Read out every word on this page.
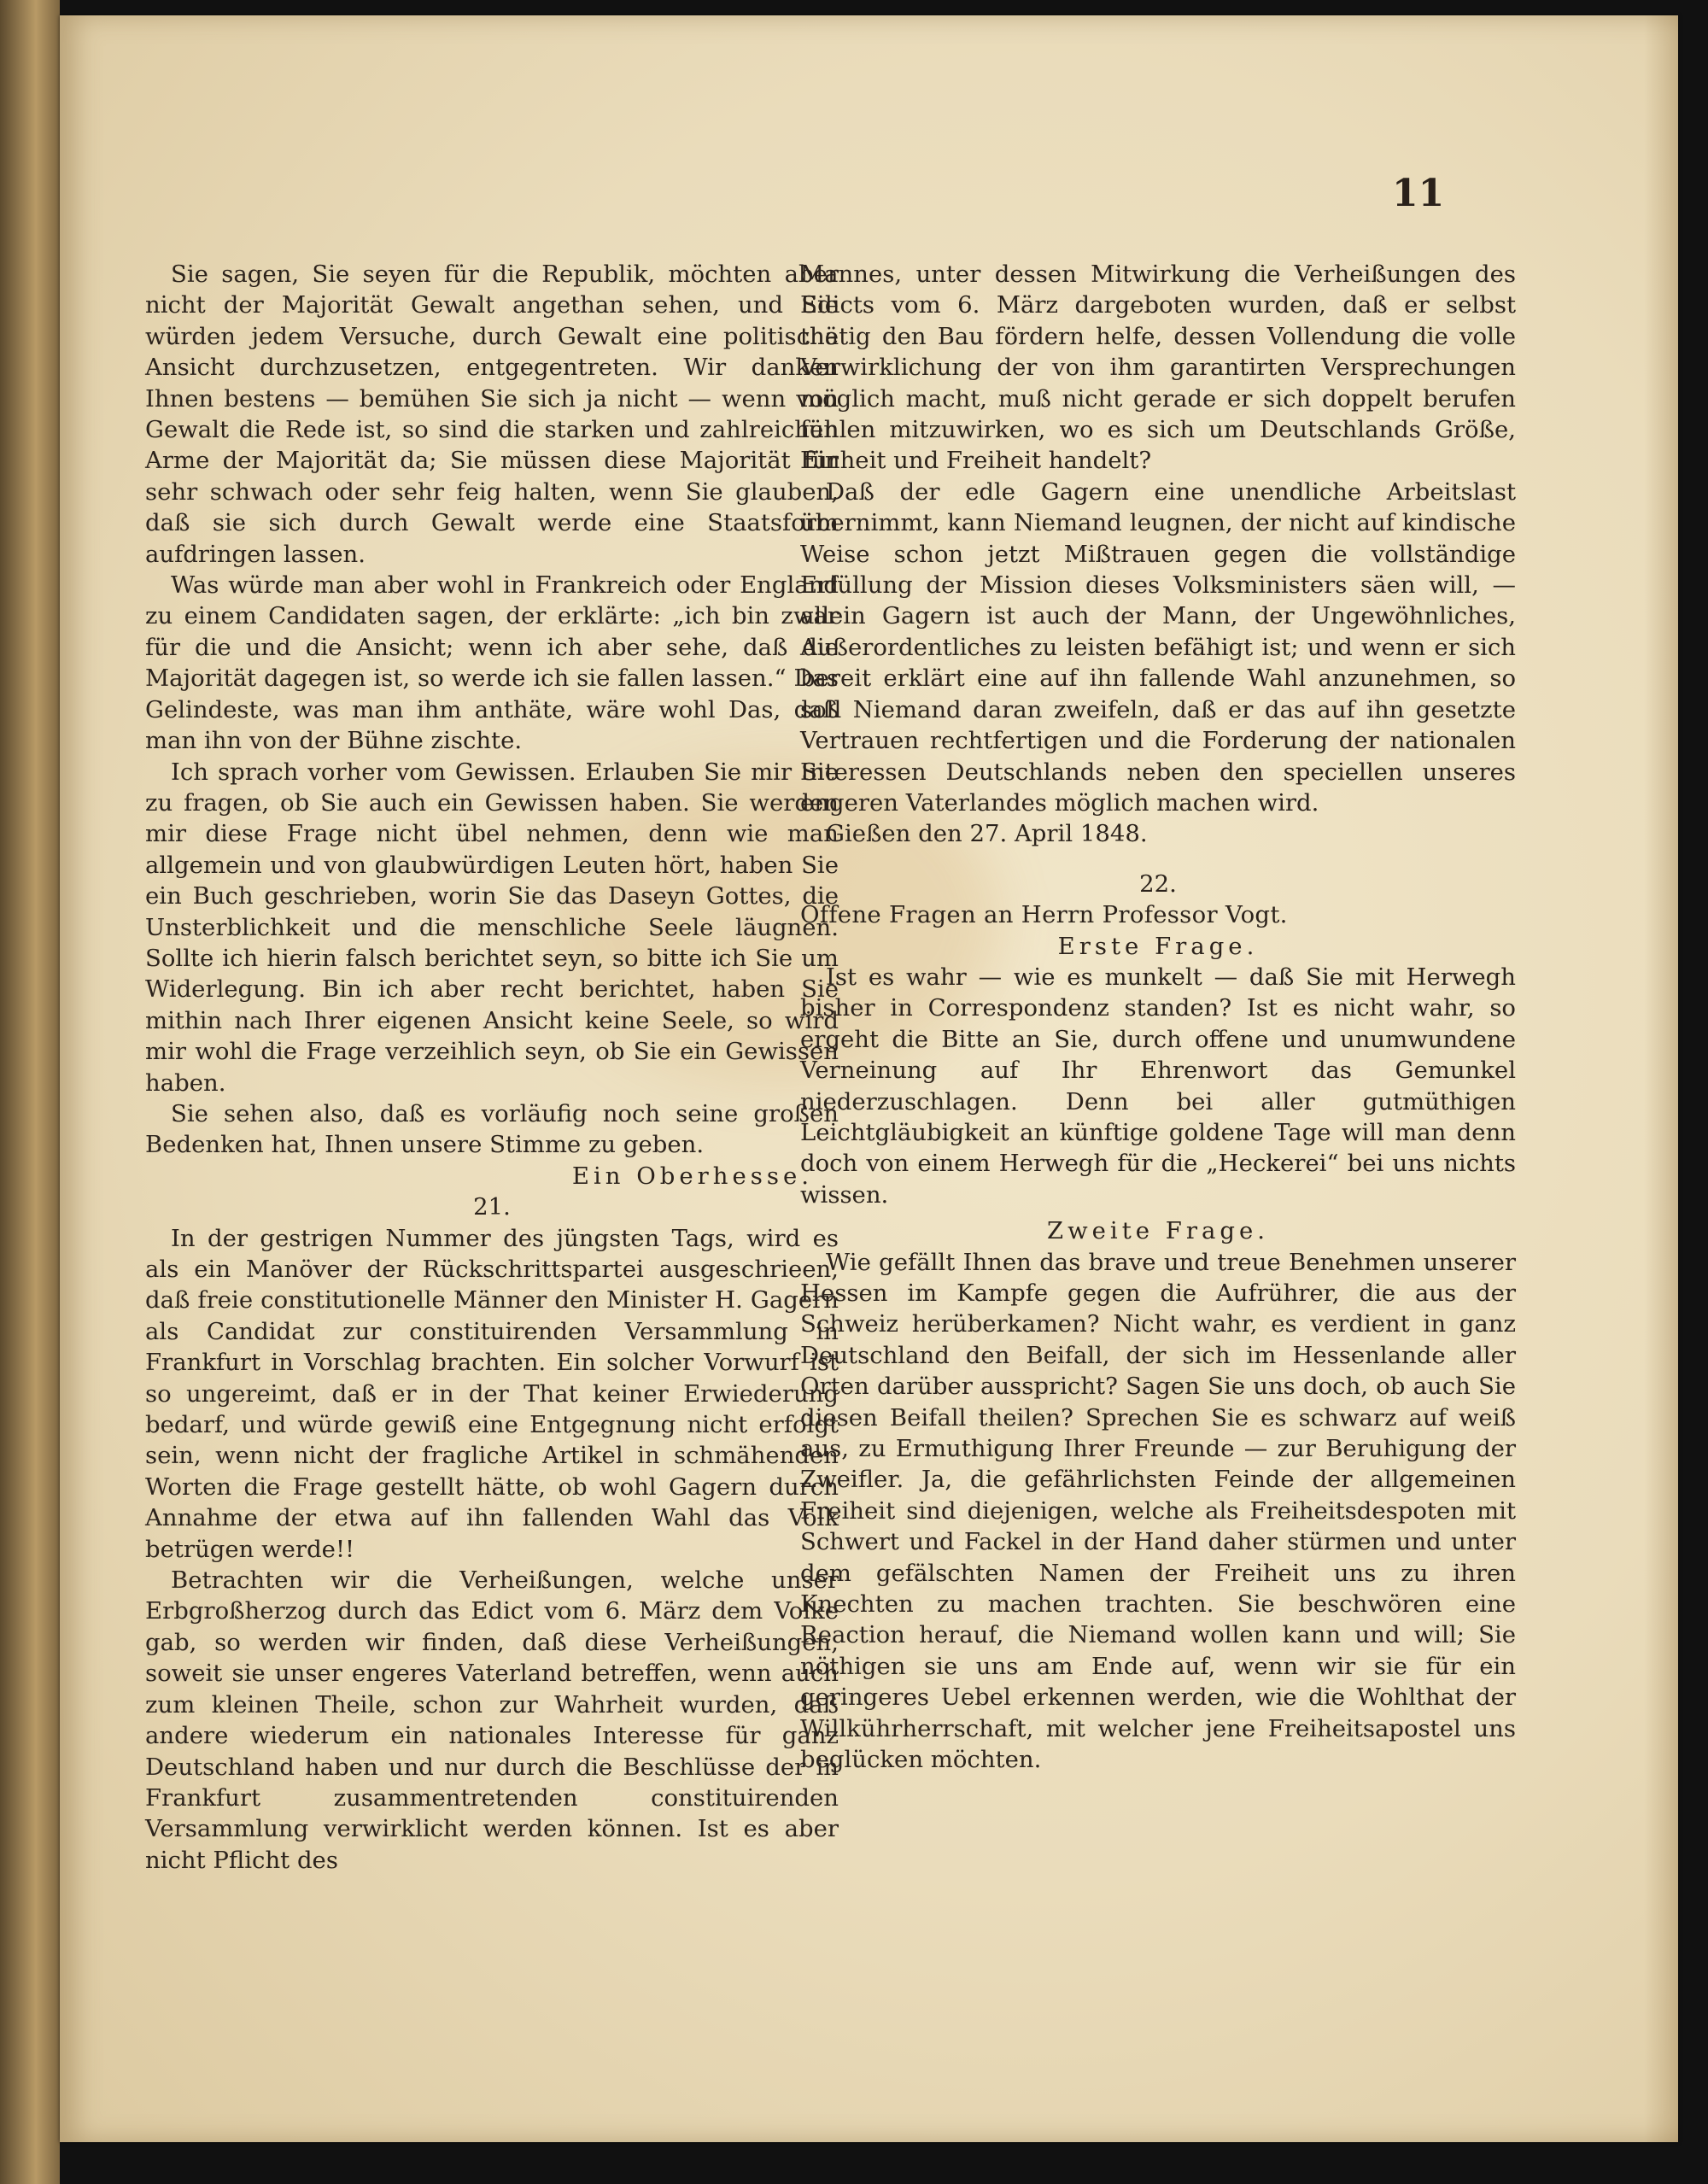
11

Sie sagen, Sie seyen für die Republik, möchten aber nicht der Majorität Gewalt angethan sehen, und Sie würden jedem Versuche, durch Gewalt eine politische Ansicht durchzusetzen, entgegentreten. Wir danken Ihnen bestens — bemühen Sie sich ja nicht — wenn von Gewalt die Rede ist, so sind die starken und zahlreichen Arme der Majorität da; Sie müssen diese Majorität für sehr schwach oder sehr feig halten, wenn Sie glauben, daß sie sich durch Gewalt werde eine Staatsform aufdringen lassen.

Was würde man aber wohl in Frankreich oder England zu einem Candidaten sagen, der erklärte: „ich bin zwar für die und die Ansicht; wenn ich aber sehe, daß die Majorität dagegen ist, so werde ich sie fallen lassen.“ Das Gelindeste, was man ihm anthäte, wäre wohl Das, daß man ihn von der Bühne zischte.

Ich sprach vorher vom Gewissen. Erlauben Sie mir Sie zu fragen, ob Sie auch ein Gewissen haben. Sie werden mir diese Frage nicht übel nehmen, denn wie man allgemein und von glaubwürdigen Leuten hört, haben Sie ein Buch geschrieben, worin Sie das Daseyn Gottes, die Unsterblichkeit und die menschliche Seele läugnen. Sollte ich hierin falsch berichtet seyn, so bitte ich Sie um Widerlegung. Bin ich aber recht berichtet, haben Sie mithin nach Ihrer eigenen Ansicht keine Seele, so wird mir wohl die Frage verzeihlich seyn, ob Sie ein Gewissen haben.

Sie sehen also, daß es vorläufig noch seine großen Bedenken hat, Ihnen unsere Stimme zu geben.

Ein Oberhesse.

21.

In der gestrigen Nummer des jüngsten Tags, wird es als ein Manöver der Rückschrittspartei ausgeschrieen, daß freie constitutionelle Männer den Minister H. Gagern als Candidat zur constituirenden Versammlung in Frankfurt in Vorschlag brachten. Ein solcher Vorwurf ist so ungereimt, daß er in der That keiner Erwiederung bedarf, und würde gewiß eine Entgegnung nicht erfolgt sein, wenn nicht der fragliche Artikel in schmähenden Worten die Frage gestellt hätte, ob wohl Gagern durch Annahme der etwa auf ihn fallenden Wahl das Volk betrügen werde!!

Betrachten wir die Verheißungen, welche unser Erbgroßherzog durch das Edict vom 6. März dem Volke gab, so werden wir finden, daß diese Verheißungen, soweit sie unser engeres Vaterland betreffen, wenn auch zum kleinen Theile, schon zur Wahrheit wurden, daß andere wiederum ein nationales Interesse für ganz Deutschland haben und nur durch die Beschlüsse der in Frankfurt zusammentretenden constituirenden Versammlung verwirklicht werden können. Ist es aber nicht Pflicht des

Mannes, unter dessen Mitwirkung die Verheißungen des Edicts vom 6. März dargeboten wurden, daß er selbst thätig den Bau fördern helfe, dessen Vollendung die volle Verwirklichung der von ihm garantirten Versprechungen möglich macht, muß nicht gerade er sich doppelt berufen fühlen mitzuwirken, wo es sich um Deutschlands Größe, Einheit und Freiheit handelt?

Daß der edle Gagern eine unendliche Arbeitslast übernimmt, kann Niemand leugnen, der nicht auf kindische Weise schon jetzt Mißtrauen gegen die vollständige Erfüllung der Mission dieses Volksministers säen will, — allein Gagern ist auch der Mann, der Ungewöhnliches, Außerordentliches zu leisten befähigt ist; und wenn er sich bereit erklärt eine auf ihn fallende Wahl anzunehmen, so soll Niemand daran zweifeln, daß er das auf ihn gesetzte Vertrauen rechtfertigen und die Forderung der nationalen Interessen Deutschlands neben den speciellen unseres engeren Vaterlandes möglich machen wird.

Gießen den 27. April 1848.

22.

Offene Fragen an Herrn Professor Vogt.

Erste Frage.

Ist es wahr — wie es munkelt — daß Sie mit Herwegh bisher in Correspondenz standen? Ist es nicht wahr, so ergeht die Bitte an Sie, durch offene und unumwundene Verneinung auf Ihr Ehrenwort das Gemunkel niederzuschlagen. Denn bei aller gutmüthigen Leichtgläubigkeit an künftige goldene Tage will man denn doch von einem Herwegh für die „Heckerei“ bei uns nichts wissen.

Zweite Frage.

Wie gefällt Ihnen das brave und treue Benehmen unserer Hessen im Kampfe gegen die Aufrührer, die aus der Schweiz herüberkamen? Nicht wahr, es verdient in ganz Deutschland den Beifall, der sich im Hessenlande aller Orten darüber ausspricht? Sagen Sie uns doch, ob auch Sie diesen Beifall theilen? Sprechen Sie es schwarz auf weiß aus, zu Ermuthigung Ihrer Freunde — zur Beruhigung der Zweifler. Ja, die gefährlichsten Feinde der allgemeinen Freiheit sind diejenigen, welche als Freiheitsdespoten mit Schwert und Fackel in der Hand daher stürmen und unter dem gefälschten Namen der Freiheit uns zu ihren Knechten zu machen trachten. Sie beschwören eine Reaction herauf, die Niemand wollen kann und will; Sie nöthigen sie uns am Ende auf, wenn wir sie für ein geringeres Uebel erkennen werden, wie die Wohlthat der Willkührherrschaft, mit welcher jene Freiheitsapostel uns beglücken möchten.
